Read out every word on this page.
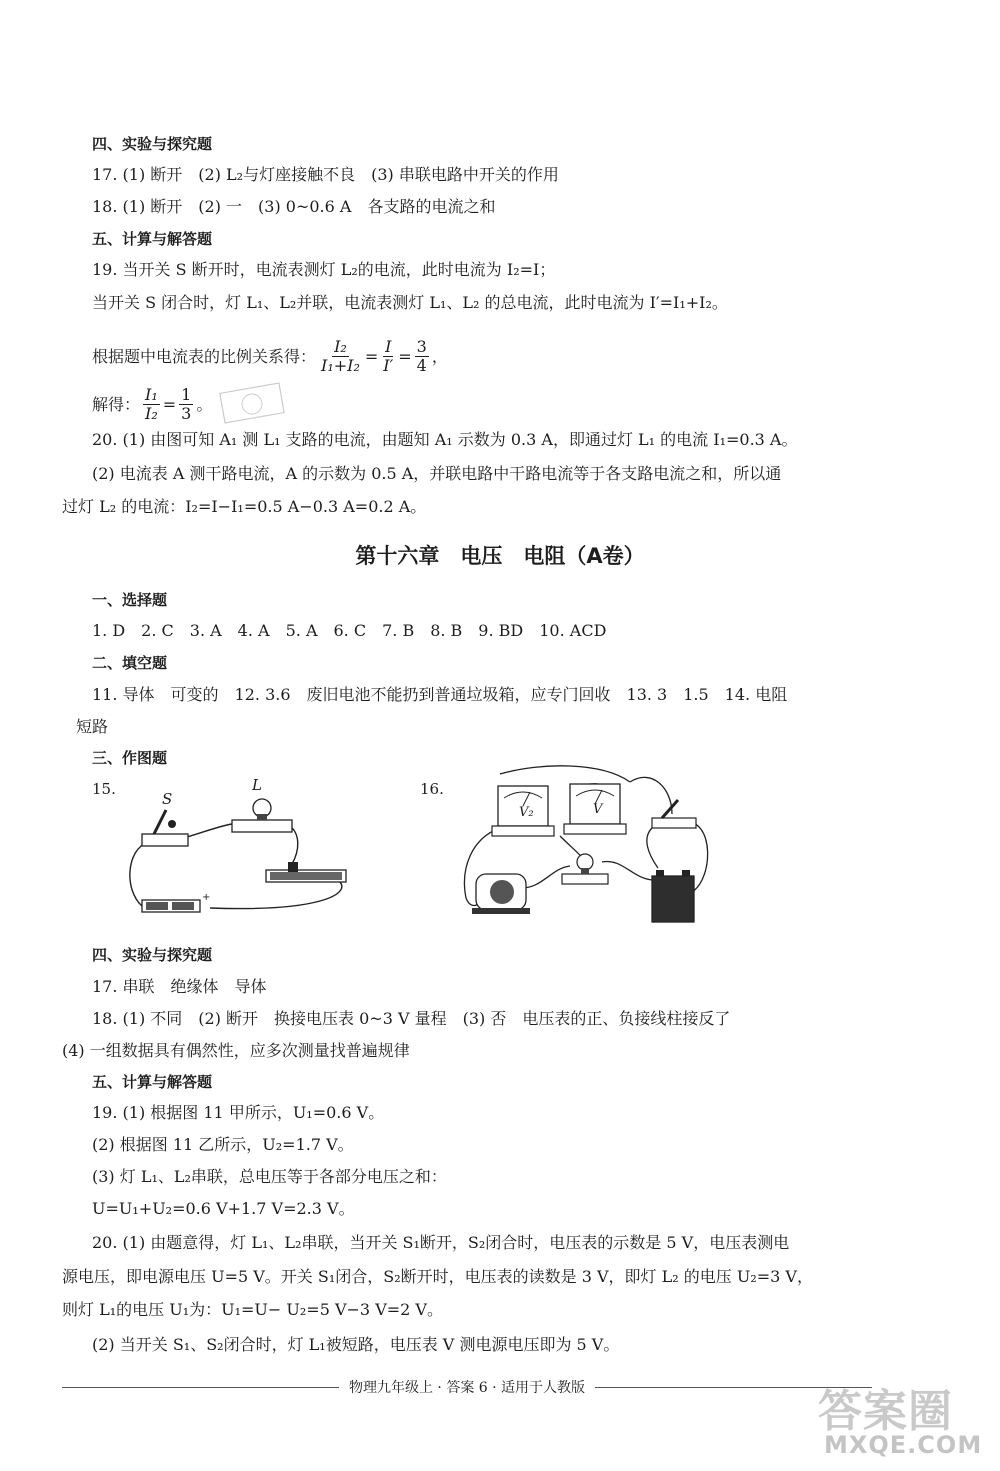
四、实验与探究题
17. (1) 断开　(2) L₂与灯座接触不良　(3) 串联电路中开关的作用
18. (1) 断开　(2) 一　(3) 0~0.6 A　各支路的电流之和
五、计算与解答题
19. 当开关 S 断开时，电流表测灯 L₂的电流，此时电流为 I₂=I；
当开关 S 闭合时，灯 L₁、L₂并联，电流表测灯 L₁、L₂ 的总电流，此时电流为 I′=I₁+I₂。
根据题中电流表的比例关系得： $\frac{\text{I₂}}{\text{I₁+I₂}} = \frac{I}{I'} = \frac{3}{4}$ ，
解得： $\frac{\text{I₁}}{\text{I₂}} = \frac{1}{3}$ 。
20. (1) 由图可知 A₁ 测 L₁ 支路的电流，由题知 A₁ 示数为 0.3 A，即通过灯 L₁ 的电流 I₁=0.3 A。
(2) 电流表 A 测干路电流，A 的示数为 0.5 A，并联电路中干路电流等于各支路电流之和，所以通
过灯 L₂ 的电流：I₂=I−I₁=0.5 A−0.3 A=0.2 A。
第十六章　电压　电阻（A卷）
一、选择题
1. D　2. C　3. A　4. A　5. A　6. C　7. B　8. B　9. BD　10. ACD
二、填空题
11. 导体　可变的　12. 3.6　废旧电池不能扔到普通垃圾箱，应专门回收　13. 3　1.5　14. 电阻
短路
三、作图题
15.
S
L
+
16.
V₂	V
四、实验与探究题
17. 串联　绝缘体　导体
18. (1) 不同　(2) 断开　换接电压表 0~3 V 量程　(3) 否　电压表的正、负接线柱接反了
(4) 一组数据具有偶然性，应多次测量找普遍规律
五、计算与解答题
19. (1) 根据图 11 甲所示，U₁=0.6 V。
(2) 根据图 11 乙所示，U₂=1.7 V。
(3) 灯 L₁、L₂串联，总电压等于各部分电压之和：
U=U₁+U₂=0.6 V+1.7 V=2.3 V。
20. (1) 由题意得，灯 L₁、L₂串联，当开关 S₁断开，S₂闭合时，电压表的示数是 5 V，电压表测电
源电压，即电源电压 U=5 V。开关 S₁闭合，S₂断开时，电压表的读数是 3 V，即灯 L₂ 的电压 U₂=3 V，
则灯 L₁的电压 U₁为：U₁=U− U₂=5 V−3 V=2 V。
(2) 当开关 S₁、S₂闭合时，灯 L₁被短路，电压表 V 测电源电压即为 5 V。
物理九年级上 · 答案 6 · 适用于人教版	答案圈
MXQE.COM
